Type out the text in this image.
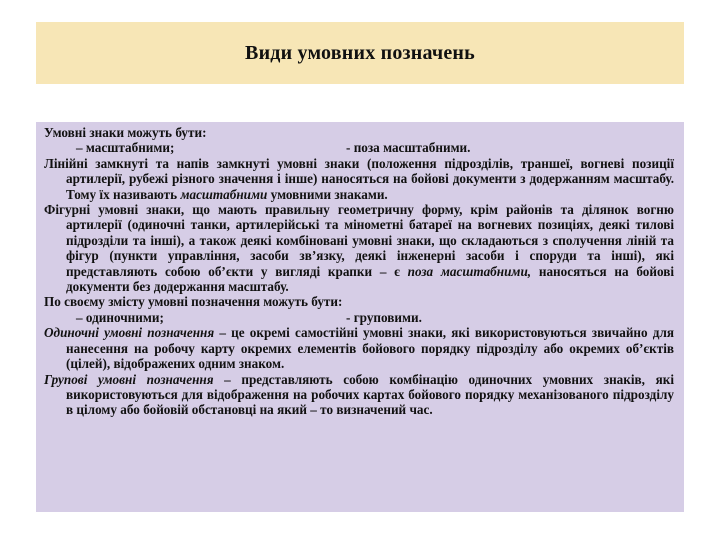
Види умовних позначень

Умовні знаки можуть бути:

– масштабними;	- поза масштабними.

Лінійні замкнуті та напів замкнуті умовні знаки (положення підрозділів, траншеї, вогневі позиції артилерії, рубежі різного значення і інше) наносяться на бойові документи з додержанням масштабу. Тому їх називають масштабними умовними знаками.

Фігурні умовні знаки, що мають правильну геометричну форму, крім районів та ділянок вогню артилерії (одиночні танки, артилерійські та мінометні батареї на вогневих позиціях, деякі тилові підрозділи та інші), а також деякі комбіновані умовні знаки, що складаються з сполучення ліній та фігур (пункти управління, засоби зв’язку, деякі інженерні засоби і споруди та інші), які представляють собою об’єкти у вигляді крапки – є поза масштабними, наносяться на бойові документи без додержання масштабу.

По своєму змісту умовні позначення можуть бути:

– одиночними;	- груповими.

Одиночні умовні позначення – це окремі самостійні умовні знаки, які використовуються звичайно для нанесення на робочу карту окремих елементів бойового порядку підрозділу або окремих об’єктів (цілей), відображених одним знаком.

Групові умовні позначення – представляють собою комбінацію одиночних умовних знаків, які використовуються для відображення на робочих картах бойового порядку механізованого підрозділу в цілому або бойовій обстановці на який – то визначений час.
